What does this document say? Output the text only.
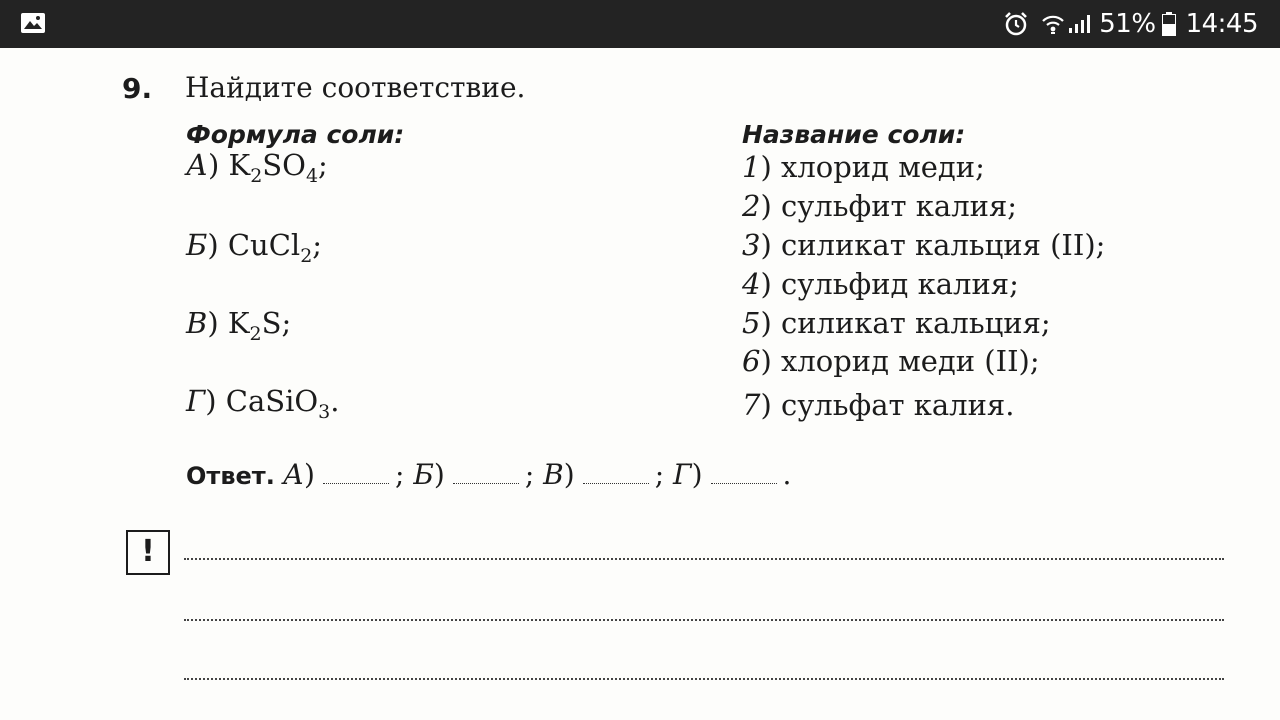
51% 14:45
9. Найдите соответствие.
Формула соли:	Название соли:
А) $K_2SO_4$;
Б) CuCl$_2$;
В) $K_2S$;
Г) CaSiO$_3$.
1) хлорид меди;
2) сульфит калия;
3) силикат кальция (II);
4) сульфид калия;
5) силикат кальция;
6) хлорид меди (II);
7) сульфат калия.
Ответ. А )	;
Б )	;
В )	;
Г )	.
!
